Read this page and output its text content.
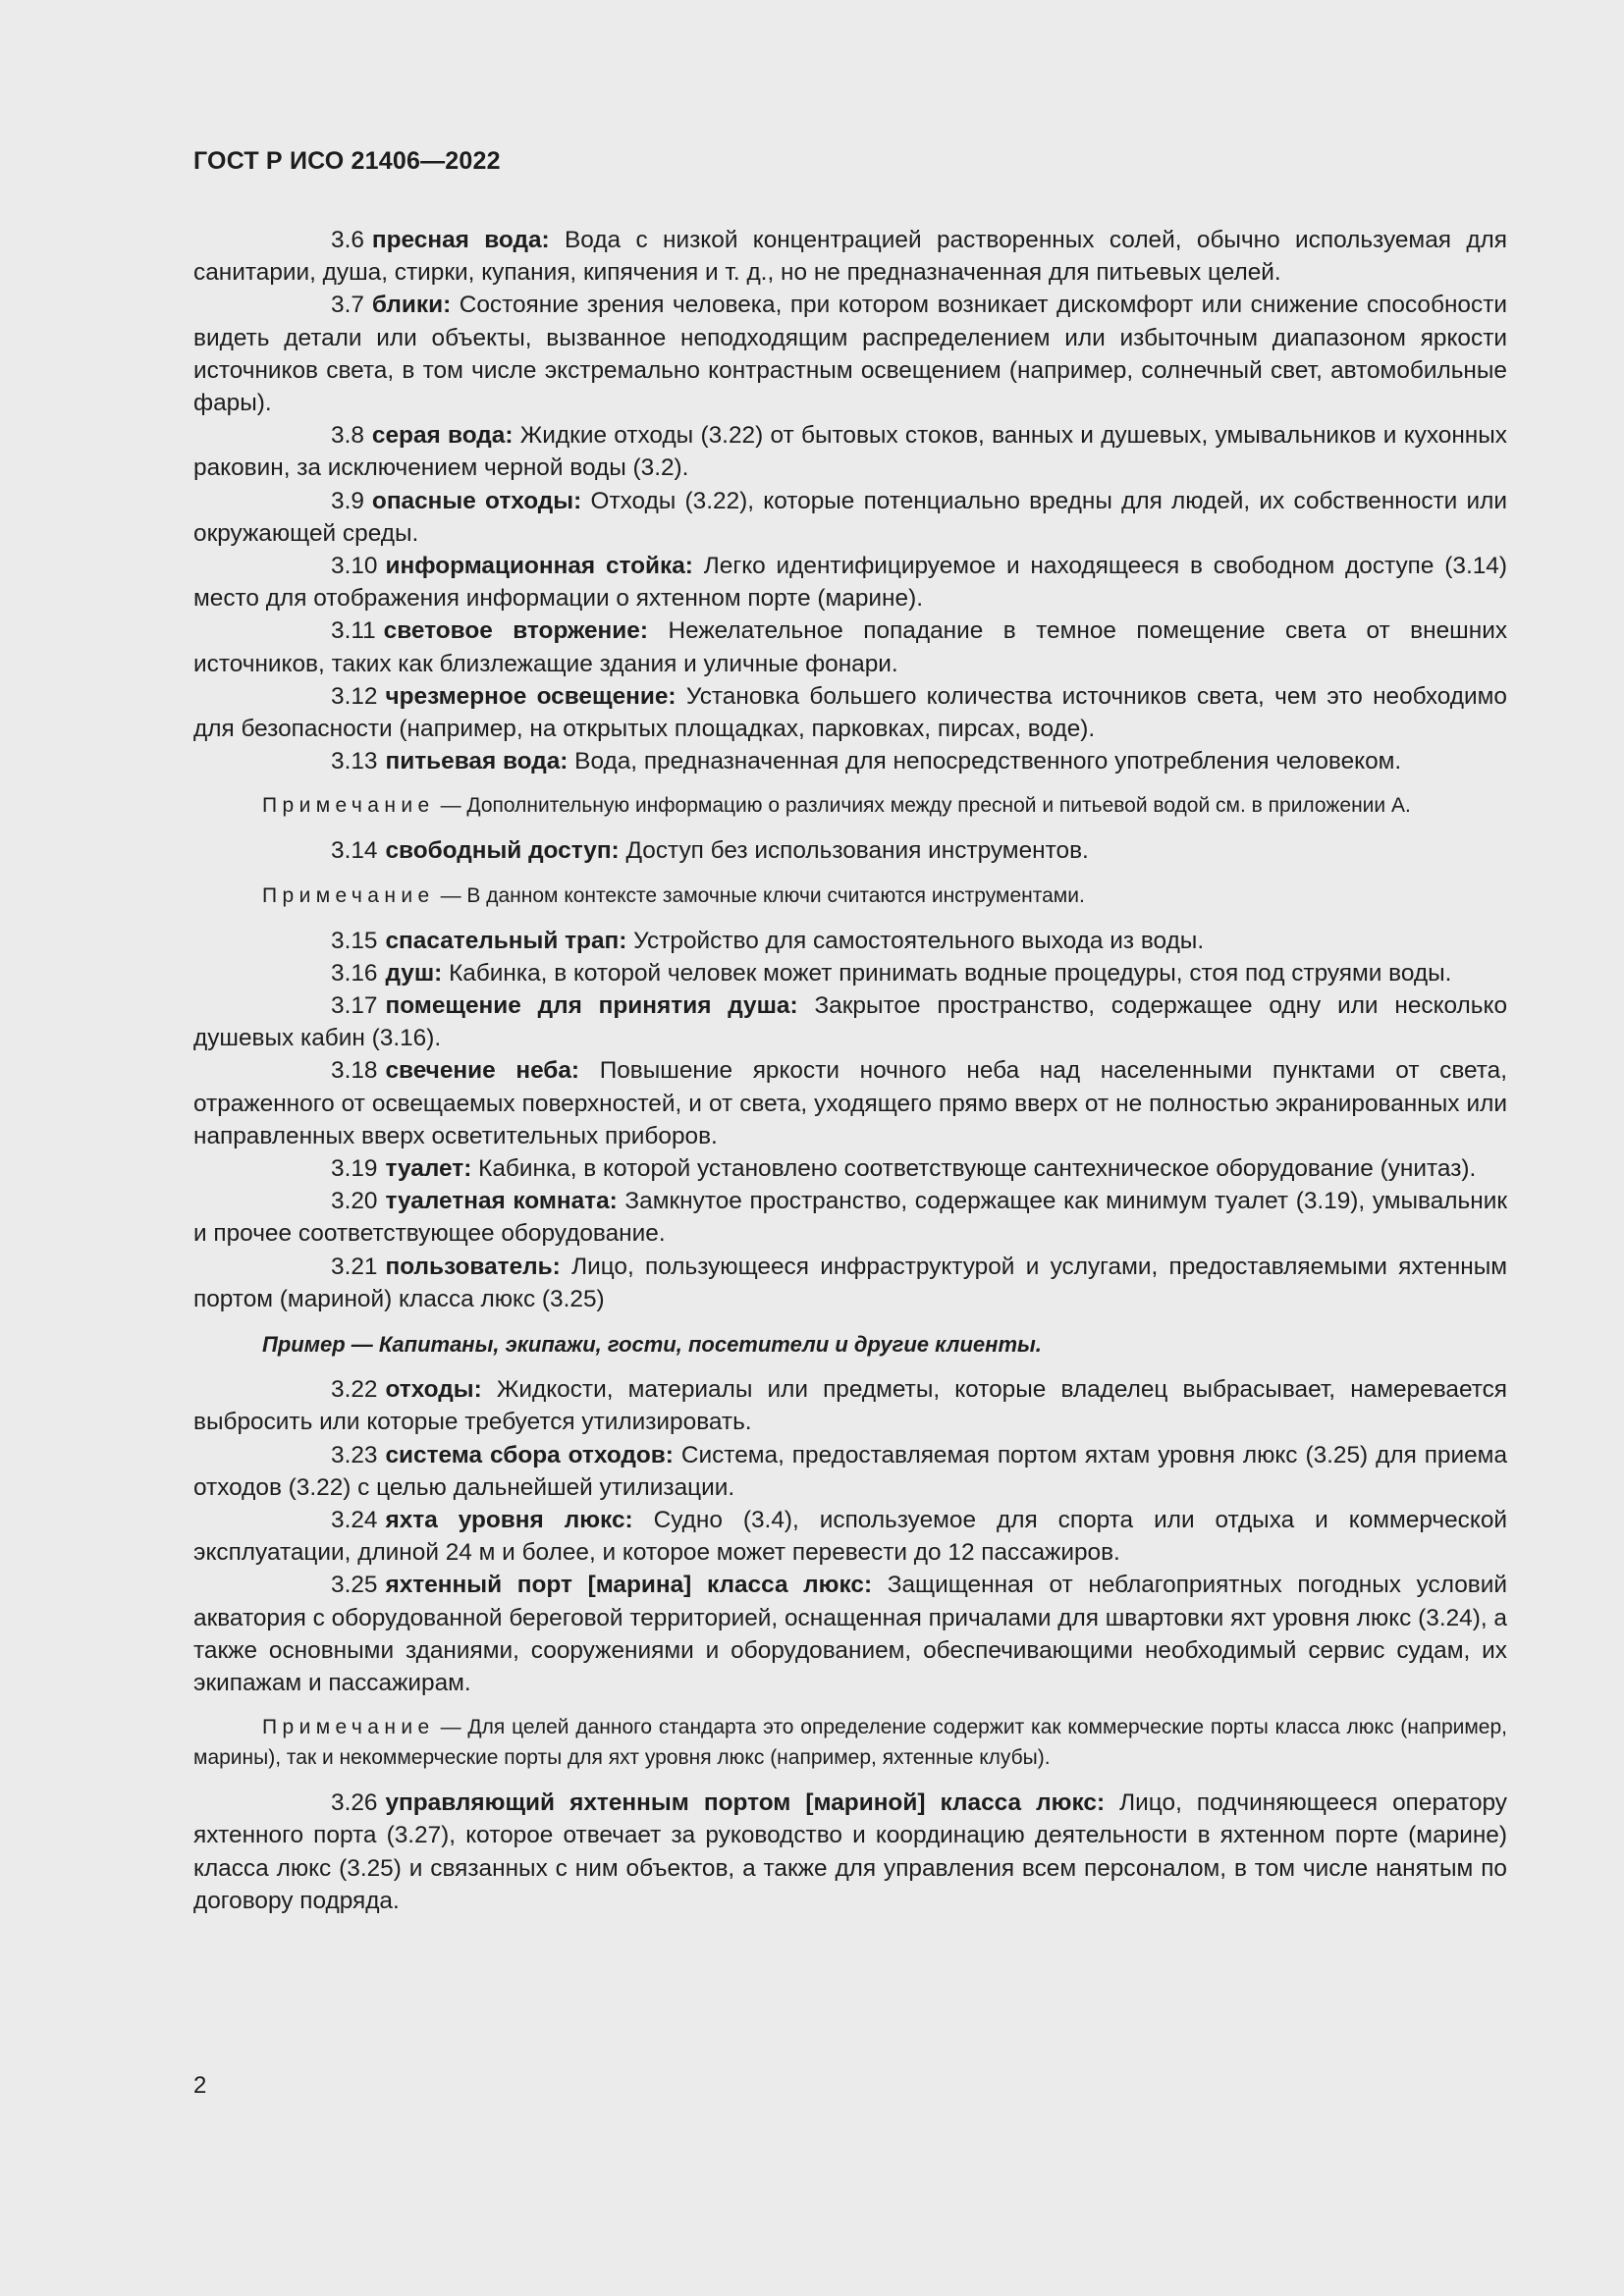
ГОСТ Р ИСО 21406—2022

3.6 пресная вода: Вода с низкой концентрацией растворенных солей, обычно используемая для санитарии, душа, стирки, купания, кипячения и т. д., но не предназначенная для питьевых целей.

3.7 блики: Состояние зрения человека, при котором возникает дискомфорт или снижение способности видеть детали или объекты, вызванное неподходящим распределением или избыточным диапазоном яркости источников света, в том числе экстремально контрастным освещением (например, солнечный свет, автомобильные фары).

3.8 серая вода: Жидкие отходы (3.22) от бытовых стоков, ванных и душевых, умывальников и кухонных раковин, за исключением черной воды (3.2).

3.9 опасные отходы: Отходы (3.22), которые потенциально вредны для людей, их собственности или окружающей среды.

3.10 информационная стойка: Легко идентифицируемое и находящееся в свободном доступе (3.14) место для отображения информации о яхтенном порте (марине).

3.11 световое вторжение: Нежелательное попадание в темное помещение света от внешних источников, таких как близлежащие здания и уличные фонари.

3.12 чрезмерное освещение: Установка большего количества источников света, чем это необходимо для безопасности (например, на открытых площадках, парковках, пирсах, воде).

3.13 питьевая вода: Вода, предназначенная для непосредственного употребления человеком.

Примечание — Дополнительную информацию о различиях между пресной и питьевой водой см. в приложении А.

3.14 свободный доступ: Доступ без использования инструментов.

Примечание — В данном контексте замочные ключи считаются инструментами.

3.15 спасательный трап: Устройство для самостоятельного выхода из воды.

3.16 душ: Кабинка, в которой человек может принимать водные процедуры, стоя под струями воды.

3.17 помещение для принятия душа: Закрытое пространство, содержащее одну или несколько душевых кабин (3.16).

3.18 свечение неба: Повышение яркости ночного неба над населенными пунктами от света, отраженного от освещаемых поверхностей, и от света, уходящего прямо вверх от не полностью экранированных или направленных вверх осветительных приборов.

3.19 туалет: Кабинка, в которой установлено соответствующе сантехническое оборудование (унитаз).

3.20 туалетная комната: Замкнутое пространство, содержащее как минимум туалет (3.19), умывальник и прочее соответствующее оборудование.

3.21 пользователь: Лицо, пользующееся инфраструктурой и услугами, предоставляемыми яхтенным портом (мариной) класса люкс (3.25)

Пример — Капитаны, экипажи, гости, посетители и другие клиенты.

3.22 отходы: Жидкости, материалы или предметы, которые владелец выбрасывает, намеревается выбросить или которые требуется утилизировать.

3.23 система сбора отходов: Система, предоставляемая портом яхтам уровня люкс (3.25) для приема отходов (3.22) с целью дальнейшей утилизации.

3.24 яхта уровня люкс: Судно (3.4), используемое для спорта или отдыха и коммерческой эксплуатации, длиной 24 м и более, и которое может перевести до 12 пассажиров.

3.25 яхтенный порт [марина] класса люкс: Защищенная от неблагоприятных погодных условий акватория с оборудованной береговой территорией, оснащенная причалами для швартовки яхт уровня люкс (3.24), а также основными зданиями, сооружениями и оборудованием, обеспечивающими необходимый сервис судам, их экипажам и пассажирам.

Примечание — Для целей данного стандарта это определение содержит как коммерческие порты класса люкс (например, марины), так и некоммерческие порты для яхт уровня люкс (например, яхтенные клубы).

3.26 управляющий яхтенным портом [мариной] класса люкс: Лицо, подчиняющееся оператору яхтенного порта (3.27), которое отвечает за руководство и координацию деятельности в яхтенном порте (марине) класса люкс (3.25) и связанных с ним объектов, а также для управления всем персоналом, в том числе нанятым по договору подряда.

2
